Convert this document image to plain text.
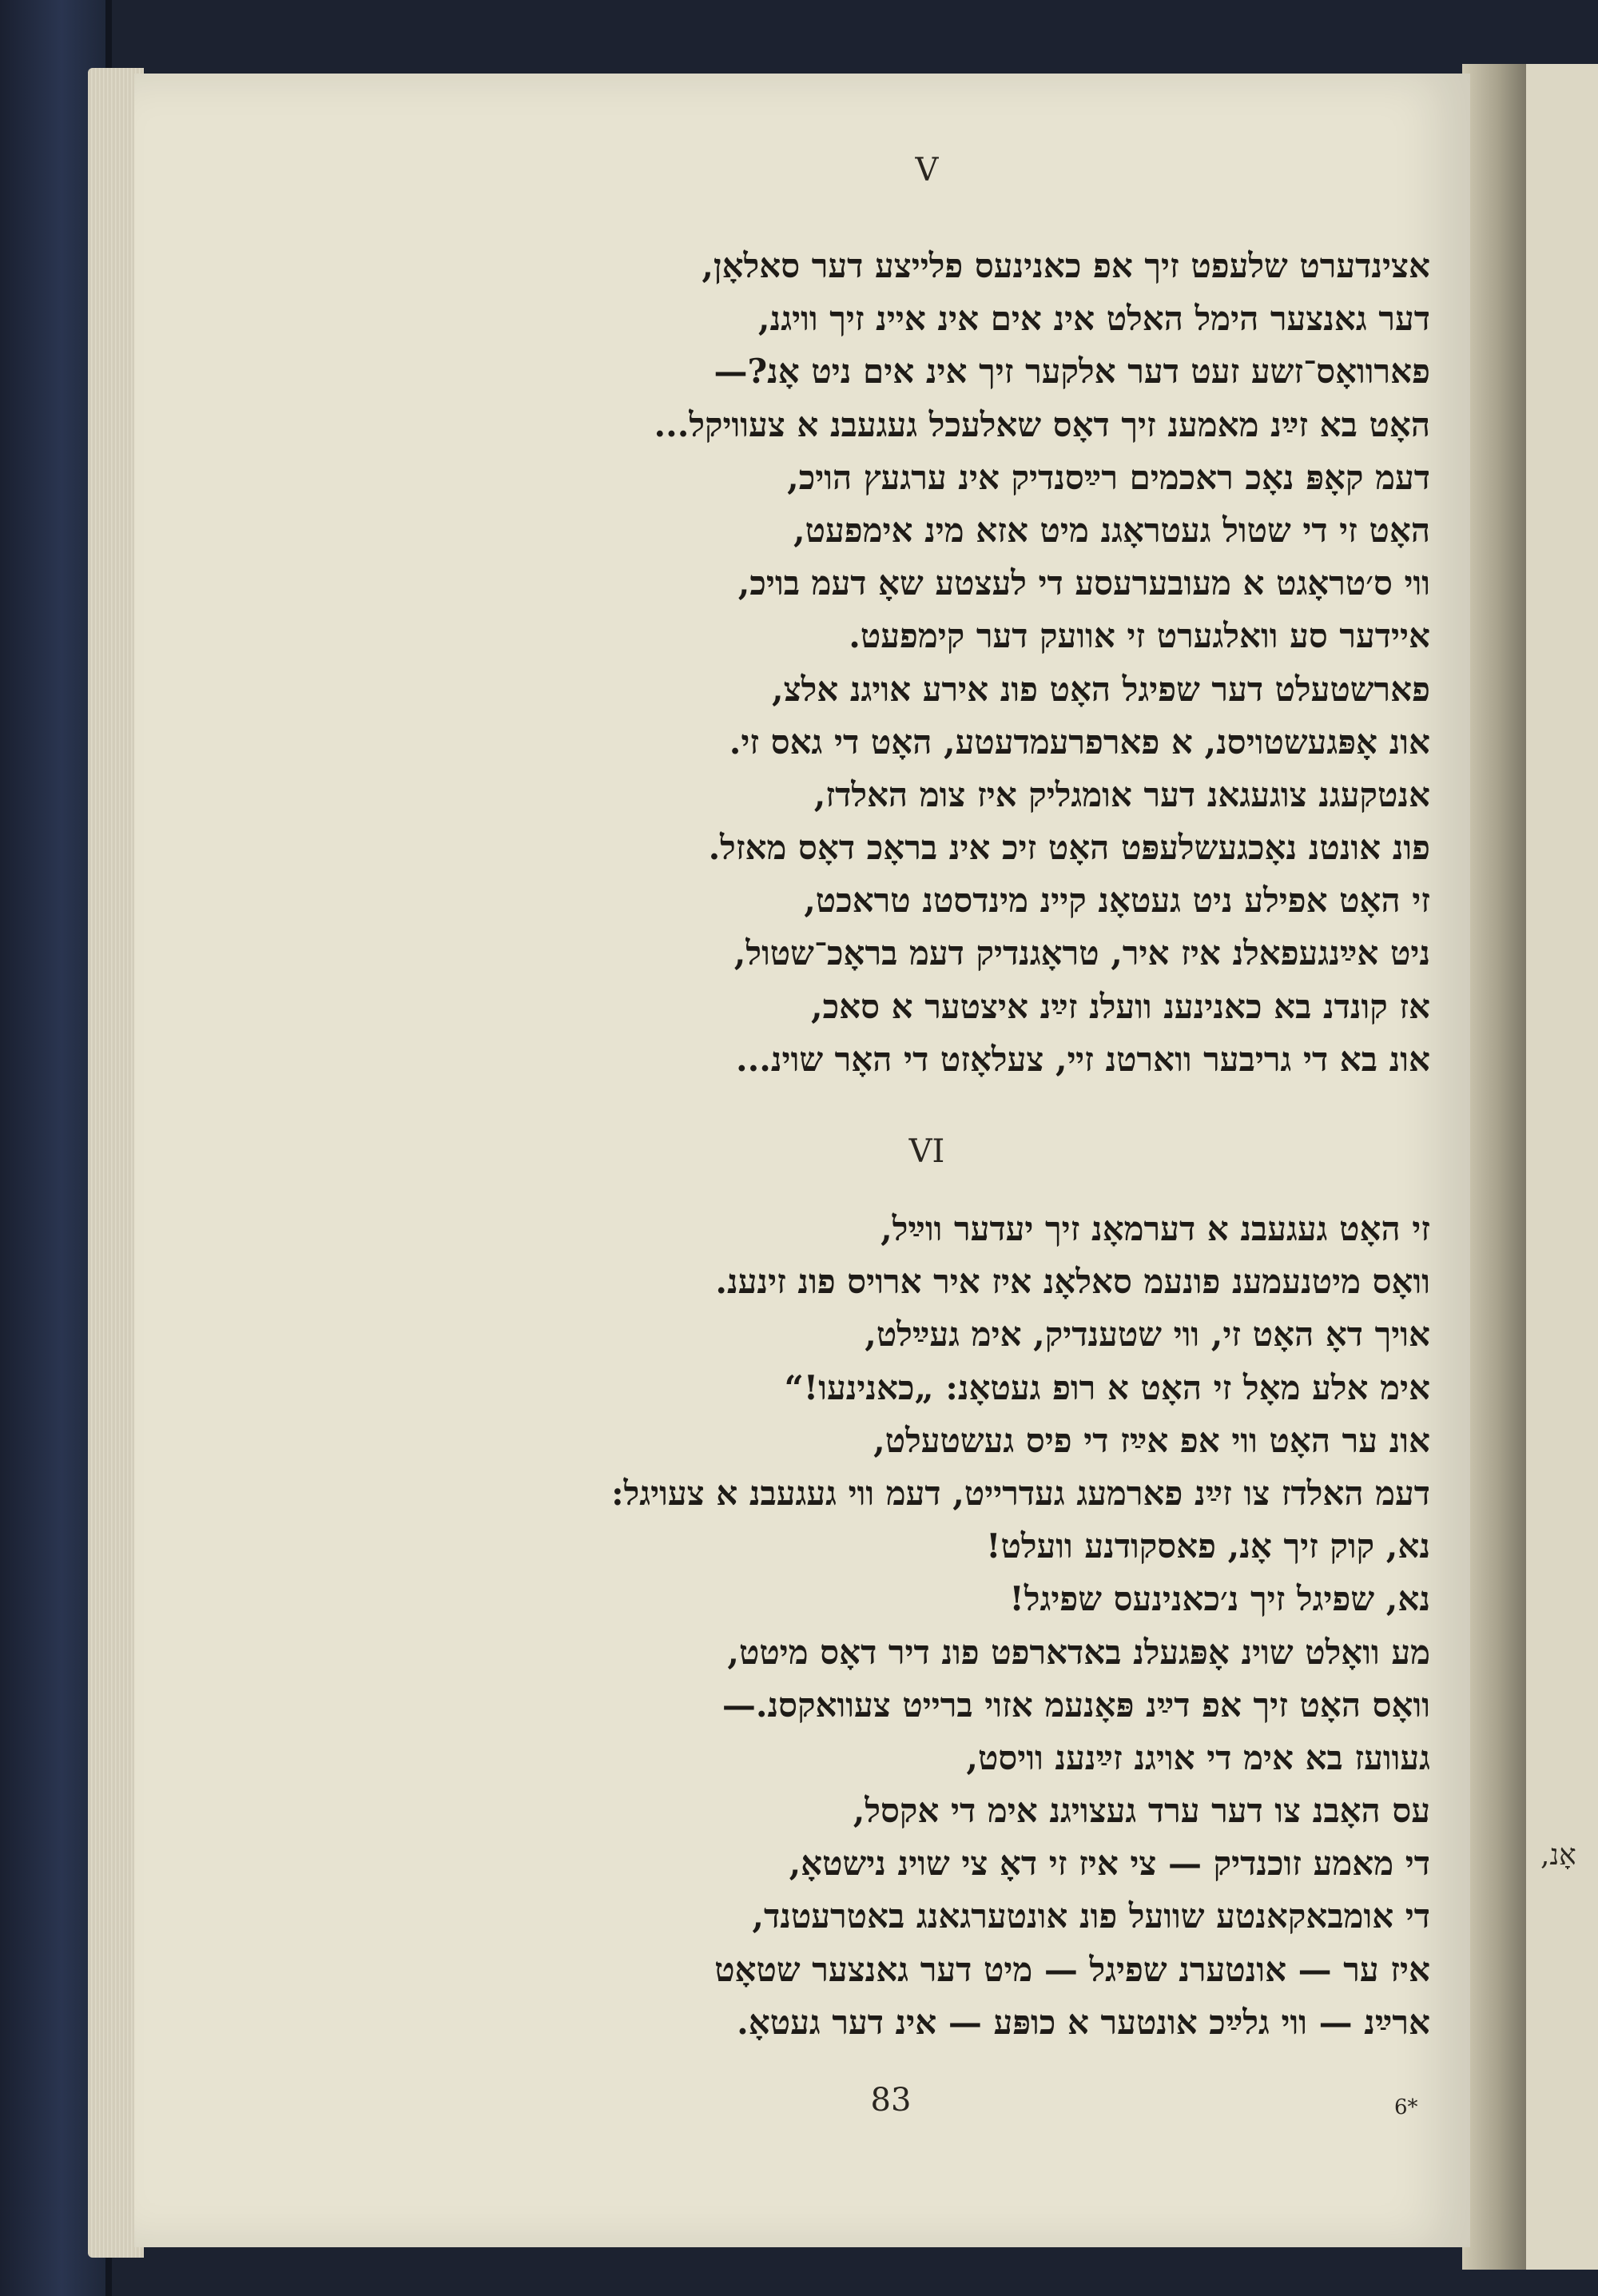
אָנ,
V
אצינדערט שלעפט זיך אפ כאנינעס פלייצע דער סאלאָן,
דער גאנצער הימל האלט אינ אים אינ איינ זיך וויגנ,
פארוואָס־זשע זעט דער אלקער זיך אינ אים ניט אָנ?—
האָט בא זײַנ מאמענ זיך דאָס שאלעכל געגעבנ א צעוויקל...
דעמ קאָפּ נאָכ ראכמים רײַסנדיק אינ ערגעץ הויכ,
האָט זי די שטול געטראָגנ מיט אזא מינ אימפעט,
ווי ס׳טראָגט א מעובערעסע די לעצטע שאָ דעמ בויכ,
איידער סע וואלגערט זי אוועק דער קימפעט.
פארשטעלט דער שפיגל האָט פונ אירע אויגנ אלצ,
אונ אָפּגעשטויסנ, א פארפרעמדעטע, האָט די גאס זי.
אנטקעגנ צוגעגאנ דער אומגליק איז צומ האלדז,
פונ אונטנ נאָכגעשלעפּט האָט זיכ אינ בראָכ דאָס מאזל.
זי האָט אפילע ניט געטאָנ קיינ מינדסטנ טראכט,
ניט אײַנגעפאלנ איז איר, טראָגנדיק דעמ בראָכ־שטול,
אז קונדנ בא כאנינענ וועלנ זײַנ איצטער א סאכ,
אונ בא די גריבער ווארטנ זײ, צעלאָזט די האָר שוינ...
VI
זי האָט געגעבנ א דערמאָנ זיך יעדער ווײַל,
וואָס מיטנעמענ פונעמ סאלאָנ איז איר ארויס פונ זינענ.
אויך דאָ האָט זי, ווי שטענדיק, אימ געײַלט,
אימ אלע מאָל זי האָט א רופ געטאָנ: „כאנינעו!“
אונ ער האָט ווי אפ אײַז די פיס געשטעלט,
דעמ האלדז צו זײַנ פארמעג געדרייט, דעמ ווי געגעבנ א צעויגל:
נא, קוק זיך אָנ, פאסקודנע וועלט!
נא, שפיגל זיך נ׳כאנינעס שפיגל!
מע וואָלט שוינ אָפּגעלנ באדארפט פונ דיר דאָס מיטט,
וואָס האָט זיך אפ דײַנ פּאָנעמ אזוי ברייט צעוואקסנ.—
געוועז בא אימ די אויגנ זײַנענ וויסט,
עס האָבנ צו דער ערד געצויגנ אימ די אקסל,
די מאמע זוכנדיק — צי איז זי דאָ צי שוינ נישטאָ,
די אומבאקאנטע שוועל פונ אונטערגאנג באטרעטנד,
איז ער — אונטערנ שפיגל — מיט דער גאנצער שטאָט
ארײַנ — ווי גלײַכ אונטער א כופּע — אינ דער געטאָ.
83	6*
